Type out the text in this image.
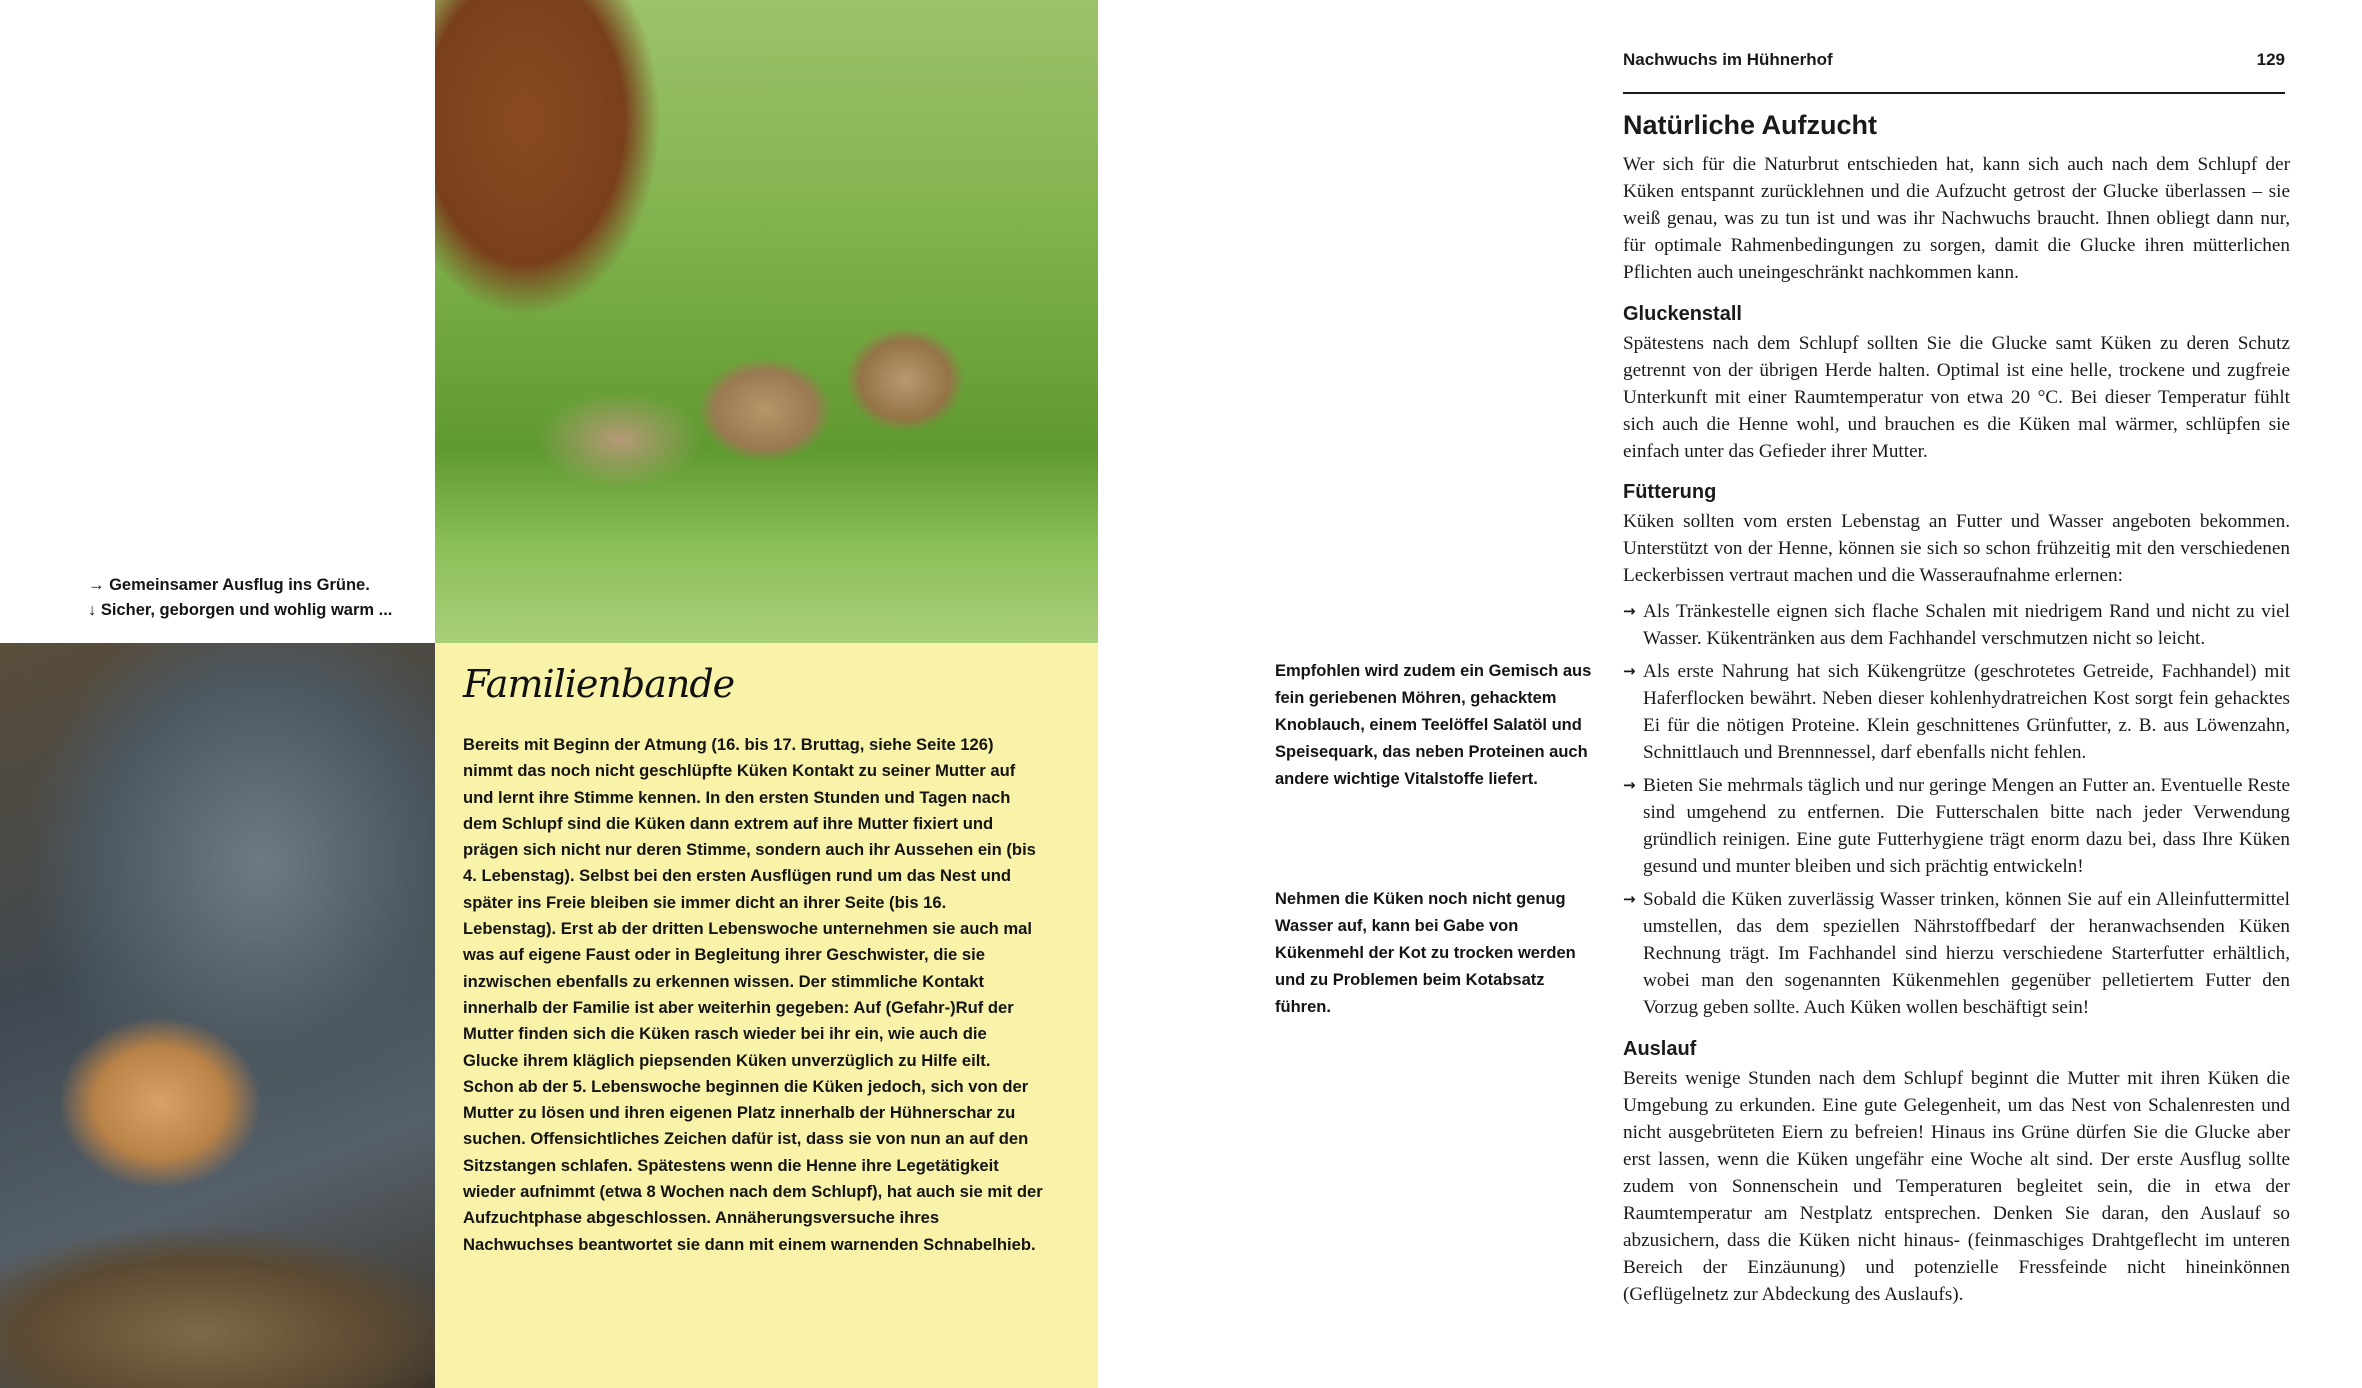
→ Gemeinsamer Ausflug ins Grüne.
↓ Sicher, geborgen und wohlig warm ...
Familienbande
Bereits mit Beginn der Atmung (16. bis 17. Bruttag, siehe Seite 126) nimmt das noch nicht geschlüpfte Küken Kontakt zu seiner Mutter auf und lernt ihre Stimme kennen. In den ersten Stunden und Tagen nach dem Schlupf sind die Küken dann extrem auf ihre Mutter fixiert und prägen sich nicht nur deren Stimme, sondern auch ihr Aussehen ein (bis 4. Lebenstag). Selbst bei den ersten Ausflügen rund um das Nest und später ins Freie bleiben sie immer dicht an ihrer Seite (bis 16. Lebenstag). Erst ab der dritten Lebenswoche unternehmen sie auch mal was auf eigene Faust oder in Begleitung ihrer Geschwister, die sie inzwischen ebenfalls zu erkennen wissen. Der stimmliche Kontakt innerhalb der Familie ist aber weiterhin gegeben: Auf (Gefahr-)Ruf der Mutter finden sich die Küken rasch wieder bei ihr ein, wie auch die Glucke ihrem kläglich piepsenden Küken unverzüglich zu Hilfe eilt. Schon ab der 5. Lebenswoche beginnen die Küken jedoch, sich von der Mutter zu lösen und ihren eigenen Platz innerhalb der Hühnerschar zu suchen. Offensichtliches Zeichen dafür ist, dass sie von nun an auf den Sitzstangen schlafen. Spätestens wenn die Henne ihre Legetätigkeit wieder aufnimmt (etwa 8 Wochen nach dem Schlupf), hat auch sie mit der Aufzuchtphase abgeschlossen. Annäherungsversuche ihres Nachwuchses beantwortet sie dann mit einem warnenden Schnabelhieb.
Empfohlen wird zudem ein Gemisch aus fein geriebenen Möhren, gehacktem Knoblauch, einem Teelöffel Salatöl und Speisequark, das neben Proteinen auch andere wichtige Vitalstoffe liefert.
Nehmen die Küken noch nicht genug Wasser auf, kann bei Gabe von Kükenmehl der Kot zu trocken werden und zu Problemen beim Kotabsatz führen.
Nachwuchs im Hühnerhof	129
Natürliche Aufzucht
Wer sich für die Naturbrut entschieden hat, kann sich auch nach dem Schlupf der Küken entspannt zurücklehnen und die Aufzucht getrost der Glucke überlassen – sie weiß genau, was zu tun ist und was ihr Nachwuchs braucht. Ihnen obliegt dann nur, für optimale Rahmenbedingungen zu sorgen, damit die Glucke ihren mütterlichen Pflichten auch uneingeschränkt nachkommen kann.
Gluckenstall
Spätestens nach dem Schlupf sollten Sie die Glucke samt Küken zu deren Schutz getrennt von der übrigen Herde halten. Optimal ist eine helle, trockene und zugfreie Unterkunft mit einer Raumtemperatur von etwa 20 °C. Bei dieser Temperatur fühlt sich auch die Henne wohl, und brauchen es die Küken mal wärmer, schlüpfen sie einfach unter das Gefieder ihrer Mutter.
Fütterung
Küken sollten vom ersten Lebenstag an Futter und Wasser angeboten bekommen. Unterstützt von der Henne, können sie sich so schon frühzeitig mit den verschiedenen Leckerbissen vertraut machen und die Wasseraufnahme erlernen:
→ Als Tränkestelle eignen sich flache Schalen mit niedrigem Rand und nicht zu viel Wasser. Kükentränken aus dem Fachhandel verschmutzen nicht so leicht.
→ Als erste Nahrung hat sich Kükengrütze (geschrotetes Getreide, Fachhandel) mit Haferflocken bewährt. Neben dieser kohlenhydratreichen Kost sorgt fein gehacktes Ei für die nötigen Proteine. Klein geschnittenes Grünfutter, z. B. aus Löwenzahn, Schnittlauch und Brennnessel, darf ebenfalls nicht fehlen.
→ Bieten Sie mehrmals täglich und nur geringe Mengen an Futter an. Eventuelle Reste sind umgehend zu entfernen. Die Futterschalen bitte nach jeder Verwendung gründlich reinigen. Eine gute Futterhygiene trägt enorm dazu bei, dass Ihre Küken gesund und munter bleiben und sich prächtig entwickeln!
→ Sobald die Küken zuverlässig Wasser trinken, können Sie auf ein Alleinfuttermittel umstellen, das dem speziellen Nährstoffbedarf der heranwachsenden Küken Rechnung trägt. Im Fachhandel sind hierzu verschiedene Starterfutter erhältlich, wobei man den sogenannten Kükenmehlen gegenüber pelletiertem Futter den Vorzug geben sollte. Auch Küken wollen beschäftigt sein!
Auslauf
Bereits wenige Stunden nach dem Schlupf beginnt die Mutter mit ihren Küken die Umgebung zu erkunden. Eine gute Gelegenheit, um das Nest von Schalenresten und nicht ausgebrüteten Eiern zu befreien! Hinaus ins Grüne dürfen Sie die Glucke aber erst lassen, wenn die Küken ungefähr eine Woche alt sind. Der erste Ausflug sollte zudem von Sonnenschein und Temperaturen begleitet sein, die in etwa der Raumtemperatur am Nestplatz entsprechen. Denken Sie daran, den Auslauf so abzusichern, dass die Küken nicht hinaus- (feinmaschiges Drahtgeflecht im unteren Bereich der Einzäunung) und potenzielle Fressfeinde nicht hineinkönnen (Geflügelnetz zur Abdeckung des Auslaufs).
